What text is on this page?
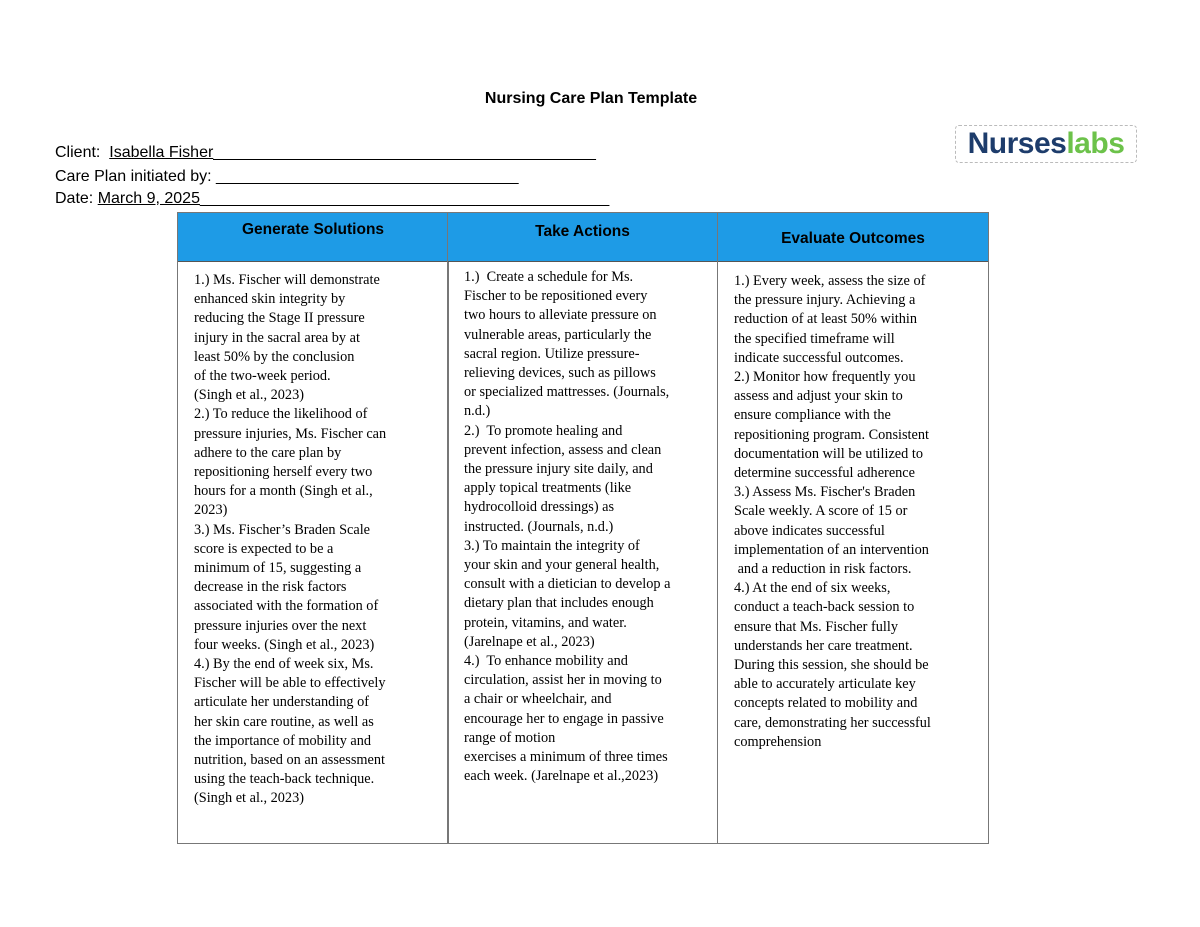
Nursing Care Plan Template
Client:  Isabella Fisher___________________________________________
Care Plan initiated by: __________________________________
Date: March 9, 2025______________________________________________
Nurses labs
Generate Solutions
1.) Ms. Fischer will demonstrate
enhanced skin integrity by
reducing the Stage II pressure
injury in the sacral area by at
least 50% by the conclusion
of the two-week period.
(Singh et al., 2023)
2.) To reduce the likelihood of
pressure injuries, Ms. Fischer can
adhere to the care plan by
repositioning herself every two
hours for a month (Singh et al.,
2023)
3.) Ms. Fischer’s Braden Scale
score is expected to be a
minimum of 15, suggesting a
decrease in the risk factors
associated with the formation of
pressure injuries over the next
four weeks. (Singh et al., 2023)
4.) By the end of week six, Ms.
Fischer will be able to effectively
articulate her understanding of
her skin care routine, as well as
the importance of mobility and
nutrition, based on an assessment
using the teach-back technique.
(Singh et al., 2023)
Take Actions
1.)  Create a schedule for Ms.
Fischer to be repositioned every
two hours to alleviate pressure on
vulnerable areas, particularly the
sacral region. Utilize pressure-
relieving devices, such as pillows
or specialized mattresses. (Journals,
n.d.)
2.)  To promote healing and
prevent infection, assess and clean
the pressure injury site daily, and
apply topical treatments (like
hydrocolloid dressings) as
instructed. (Journals, n.d.)
3.) To maintain the integrity of
your skin and your general health,
consult with a dietician to develop a
dietary plan that includes enough
protein, vitamins, and water.
(Jarelnape et al., 2023)
4.)  To enhance mobility and
circulation, assist her in moving to
a chair or wheelchair, and
encourage her to engage in passive
range of motion
exercises a minimum of three times
each week. (Jarelnape et al.,2023)
Evaluate Outcomes
1.) Every week, assess the size of
the pressure injury. Achieving a
reduction of at least 50% within
the specified timeframe will
indicate successful outcomes.
2.) Monitor how frequently you
assess and adjust your skin to
ensure compliance with the
repositioning program. Consistent
documentation will be utilized to
determine successful adherence
3.) Assess Ms. Fischer's Braden
Scale weekly. A score of 15 or
above indicates successful
implementation of an intervention
and a reduction in risk factors.
4.) At the end of six weeks,
conduct a teach-back session to
ensure that Ms. Fischer fully
understands her care treatment.
During this session, she should be
able to accurately articulate key
concepts related to mobility and
care, demonstrating her successful
comprehension
